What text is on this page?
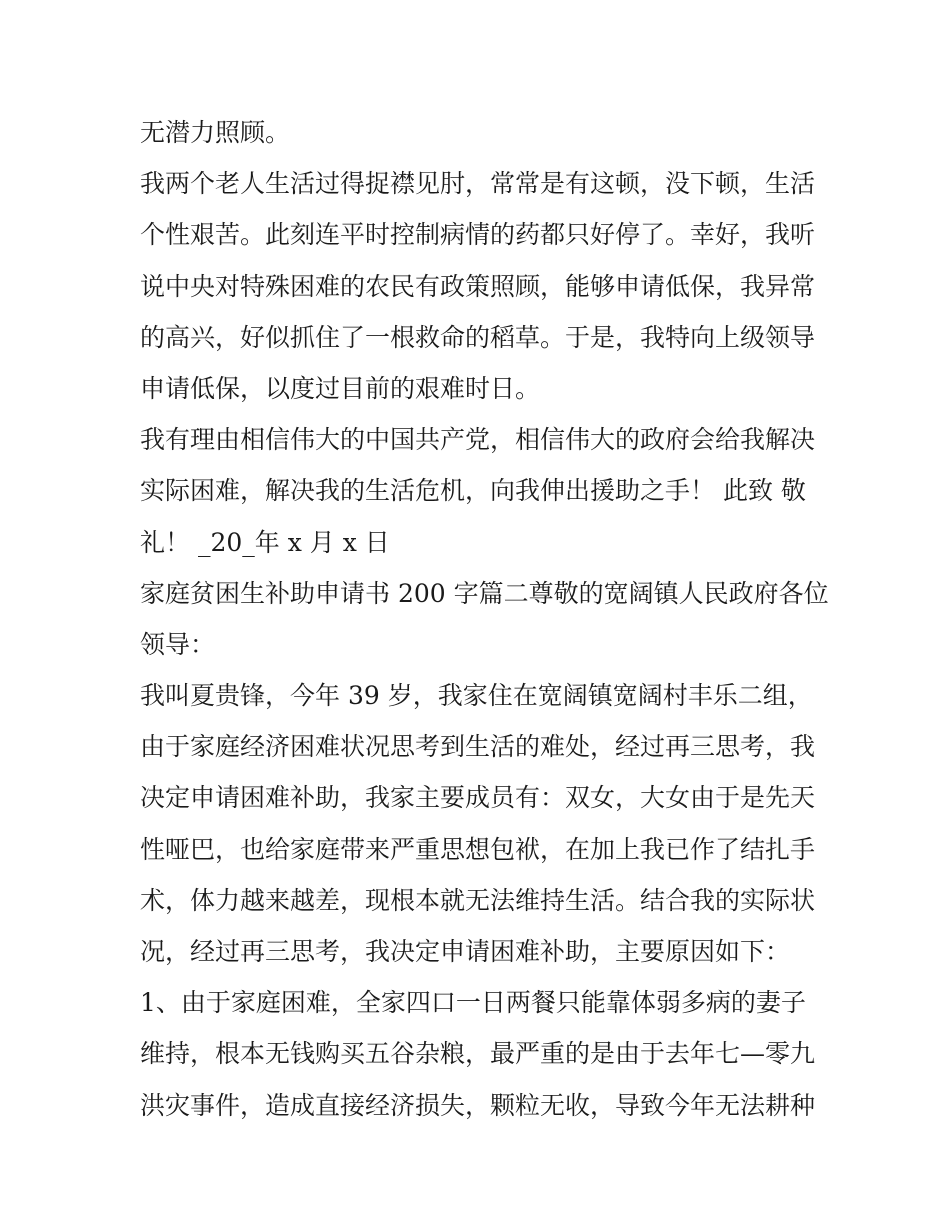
无潜力照顾。
我两个老人生活过得捉襟见肘，常常是有这顿，没下顿，生活
个性艰苦。此刻连平时控制病情的药都只好停了。幸好，我听
说中央对特殊困难的农民有政策照顾，能够申请低保，我异常
的高兴，好似抓住了一根救命的稻草。于是，我特向上级领导
申请低保，以度过目前的艰难时日。
我有理由相信伟大的中国共产党，相信伟大的政府会给我解决
实际困难，解决我的生活危机，向我伸出援助之手！ 此致 敬
礼！ _20_年 x 月 x 日
家庭贫困生补助申请书 200 字篇二尊敬的宽阔镇人民政府各位
领导：
我叫夏贵锋，今年 39 岁，我家住在宽阔镇宽阔村丰乐二组，
由于家庭经济困难状况思考到生活的难处，经过再三思考，我
决定申请困难补助，我家主要成员有：双女，大女由于是先天
性哑巴，也给家庭带来严重思想包袱，在加上我已作了结扎手
术，体力越来越差，现根本就无法维持生活。结合我的实际状
况，经过再三思考，我决定申请困难补助，主要原因如下：
1、由于家庭困难，全家四口一日两餐只能靠体弱多病的妻子
维持，根本无钱购买五谷杂粮，最严重的是由于去年七—零九
洪灾事件，造成直接经济损失，颗粒无收，导致今年无法耕种
